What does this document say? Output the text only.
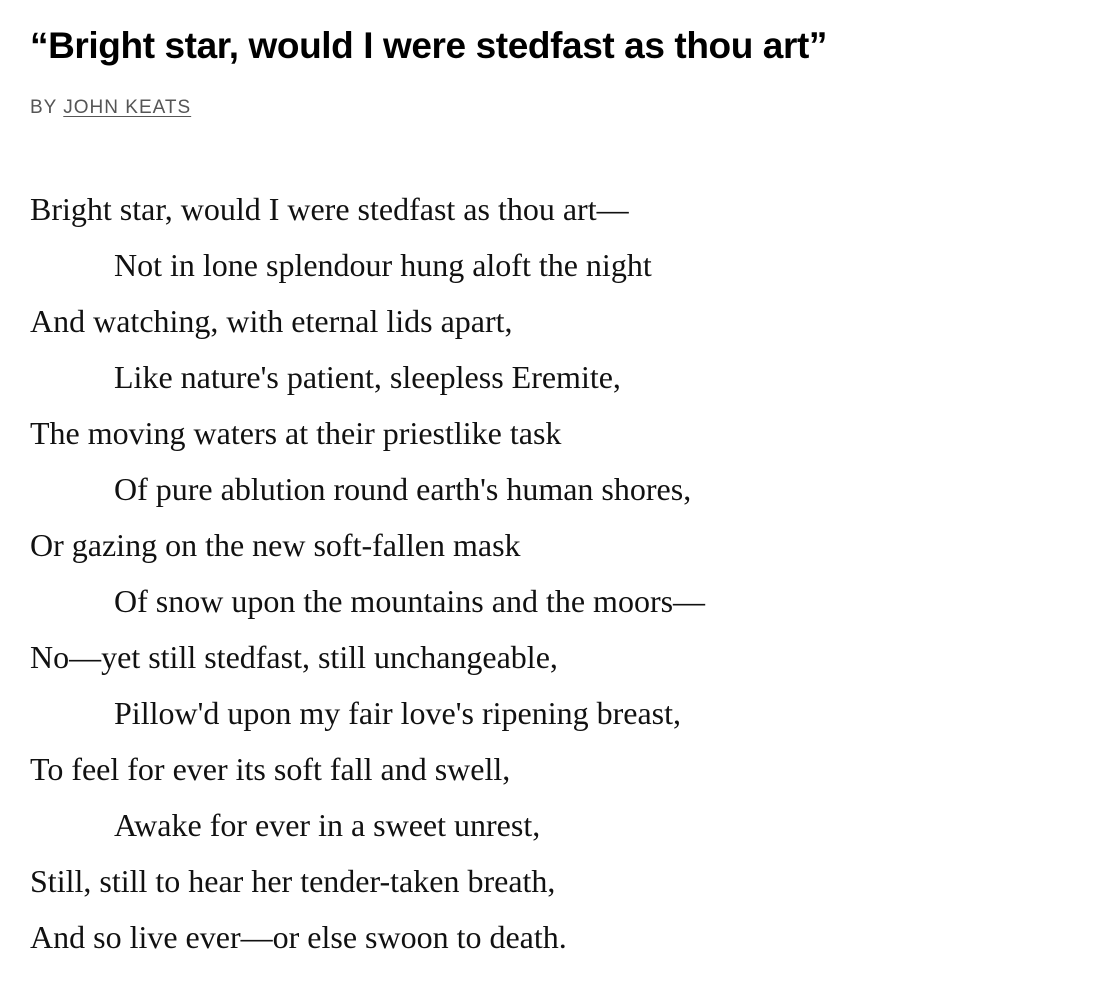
“Bright star, would I were stedfast as thou art”
BY JOHN KEATS
Bright star, would I were stedfast as thou art—
Not in lone splendour hung aloft the night
And watching, with eternal lids apart,
Like nature's patient, sleepless Eremite,
The moving waters at their priestlike task
Of pure ablution round earth's human shores,
Or gazing on the new soft-fallen mask
Of snow upon the mountains and the moors—
No—yet still stedfast, still unchangeable,
Pillow'd upon my fair love's ripening breast,
To feel for ever its soft fall and swell,
Awake for ever in a sweet unrest,
Still, still to hear her tender-taken breath,
And so live ever—or else swoon to death.
